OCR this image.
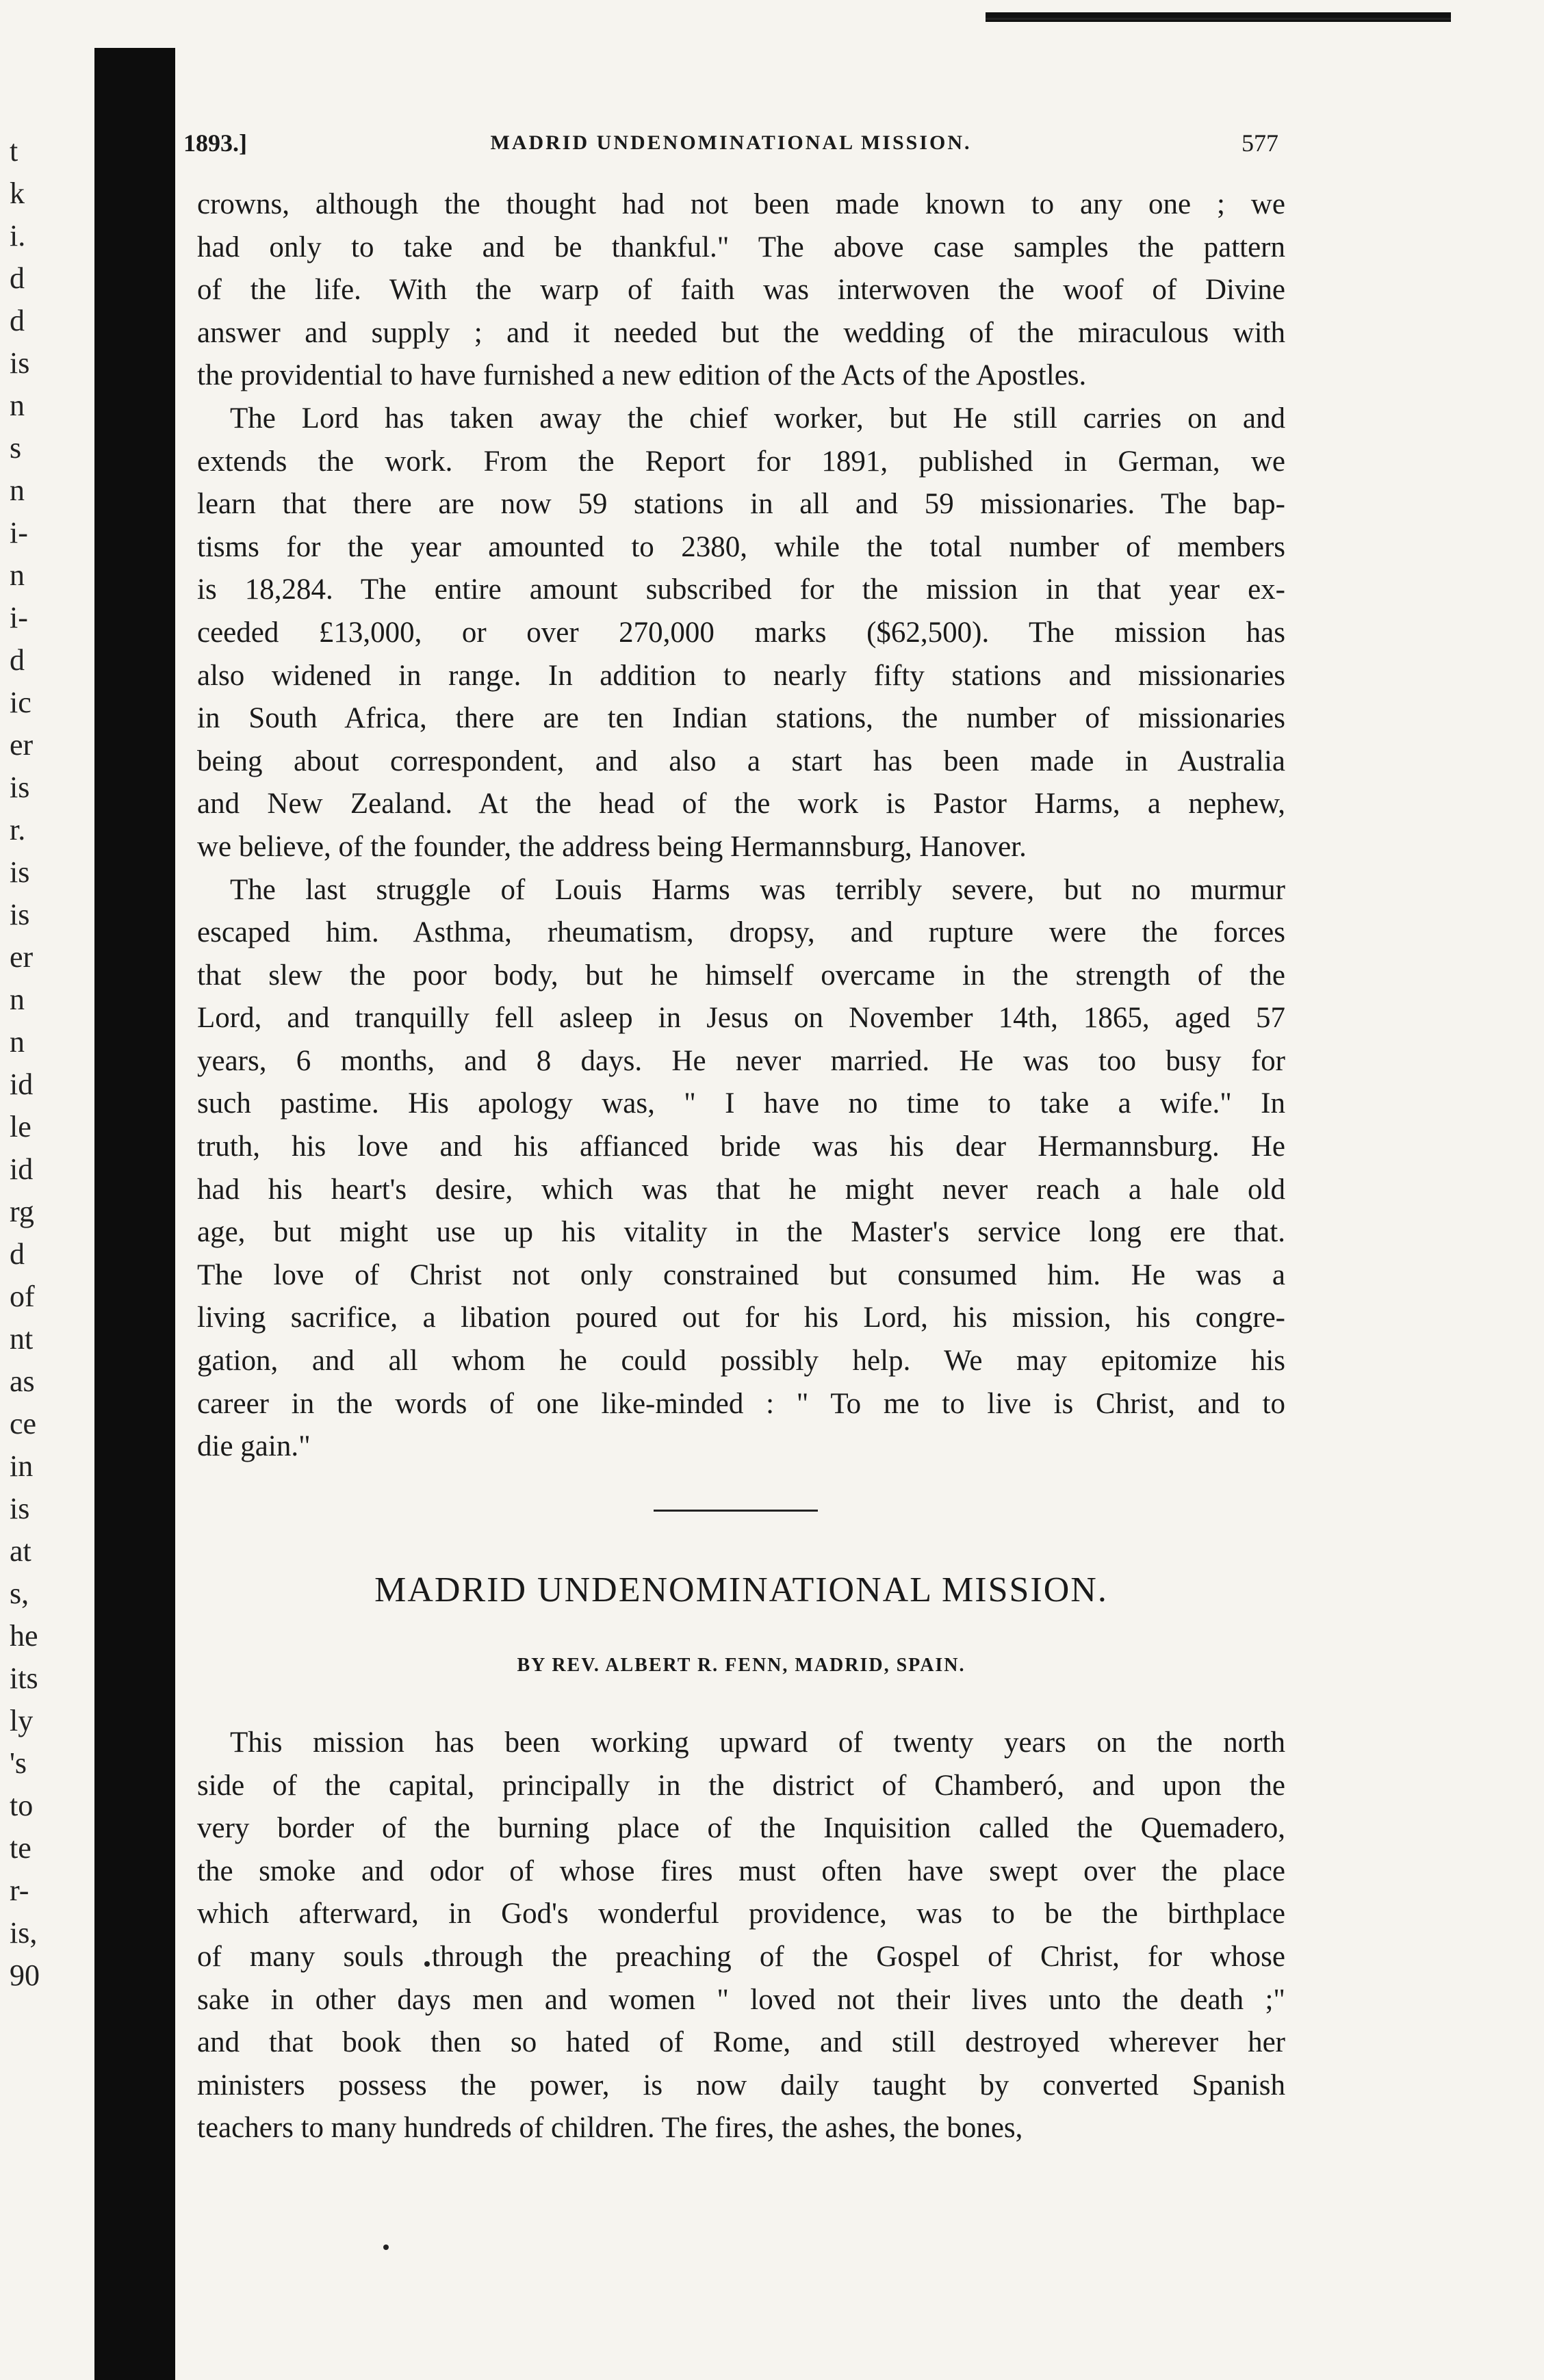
t
k
i.
d
d
is
n
s
n
i-
n
i-
d
ic
er
is
r.
is
is
er
n
n
id
le
id
rg
d
of
nt
as
ce
in
is
at
s,
he
its
ly
's
to
te
r-
is,
90
1893.]	MADRID UNDENOMINATIONAL MISSION.	577
crowns, although the thought had not been made known to any one ; we
had only to take and be thankful." The above case samples the pattern
of the life. With the warp of faith was interwoven the woof of Divine
answer and supply ; and it needed but the wedding of the miraculous with
the providential to have furnished a new edition of the Acts of the Apostles.
The Lord has taken away the chief worker, but He still carries on and
extends the work. From the Report for 1891, published in German, we
learn that there are now 59 stations in all and 59 missionaries. The bap-
tisms for the year amounted to 2380, while the total number of members
is 18,284. The entire amount subscribed for the mission in that year ex-
ceeded £13,000, or over 270,000 marks ($62,500). The mission has
also widened in range. In addition to nearly fifty stations and missionaries
in South Africa, there are ten Indian stations, the number of missionaries
being about correspondent, and also a start has been made in Australia
and New Zealand. At the head of the work is Pastor Harms, a nephew,
we believe, of the founder, the address being Hermannsburg, Hanover.
The last struggle of Louis Harms was terribly severe, but no murmur
escaped him. Asthma, rheumatism, dropsy, and rupture were the forces
that slew the poor body, but he himself overcame in the strength of the
Lord, and tranquilly fell asleep in Jesus on November 14th, 1865, aged 57
years, 6 months, and 8 days. He never married. He was too busy for
such pastime. His apology was, " I have no time to take a wife." In
truth, his love and his affianced bride was his dear Hermannsburg. He
had his heart's desire, which was that he might never reach a hale old
age, but might use up his vitality in the Master's service long ere that.
The love of Christ not only constrained but consumed him. He was a
living sacrifice, a libation poured out for his Lord, his mission, his congre-
gation, and all whom he could possibly help. We may epitomize his
career in the words of one like-minded : " To me to live is Christ, and to
die gain."
MADRID UNDENOMINATIONAL MISSION.
BY REV. ALBERT R. FENN, MADRID, SPAIN.
This mission has been working upward of twenty years on the north
side of the capital, principally in the district of Chamberó, and upon the
very border of the burning place of the Inquisition called the Quemadero,
the smoke and odor of whose fires must often have swept over the place
which afterward, in God's wonderful providence, was to be the birthplace
of many souls through the preaching of the Gospel of Christ, for whose
sake in other days men and women " loved not their lives unto the death ;"
and that book then so hated of Rome, and still destroyed wherever her
ministers possess the power, is now daily taught by converted Spanish
teachers to many hundreds of children. The fires, the ashes, the bones,
